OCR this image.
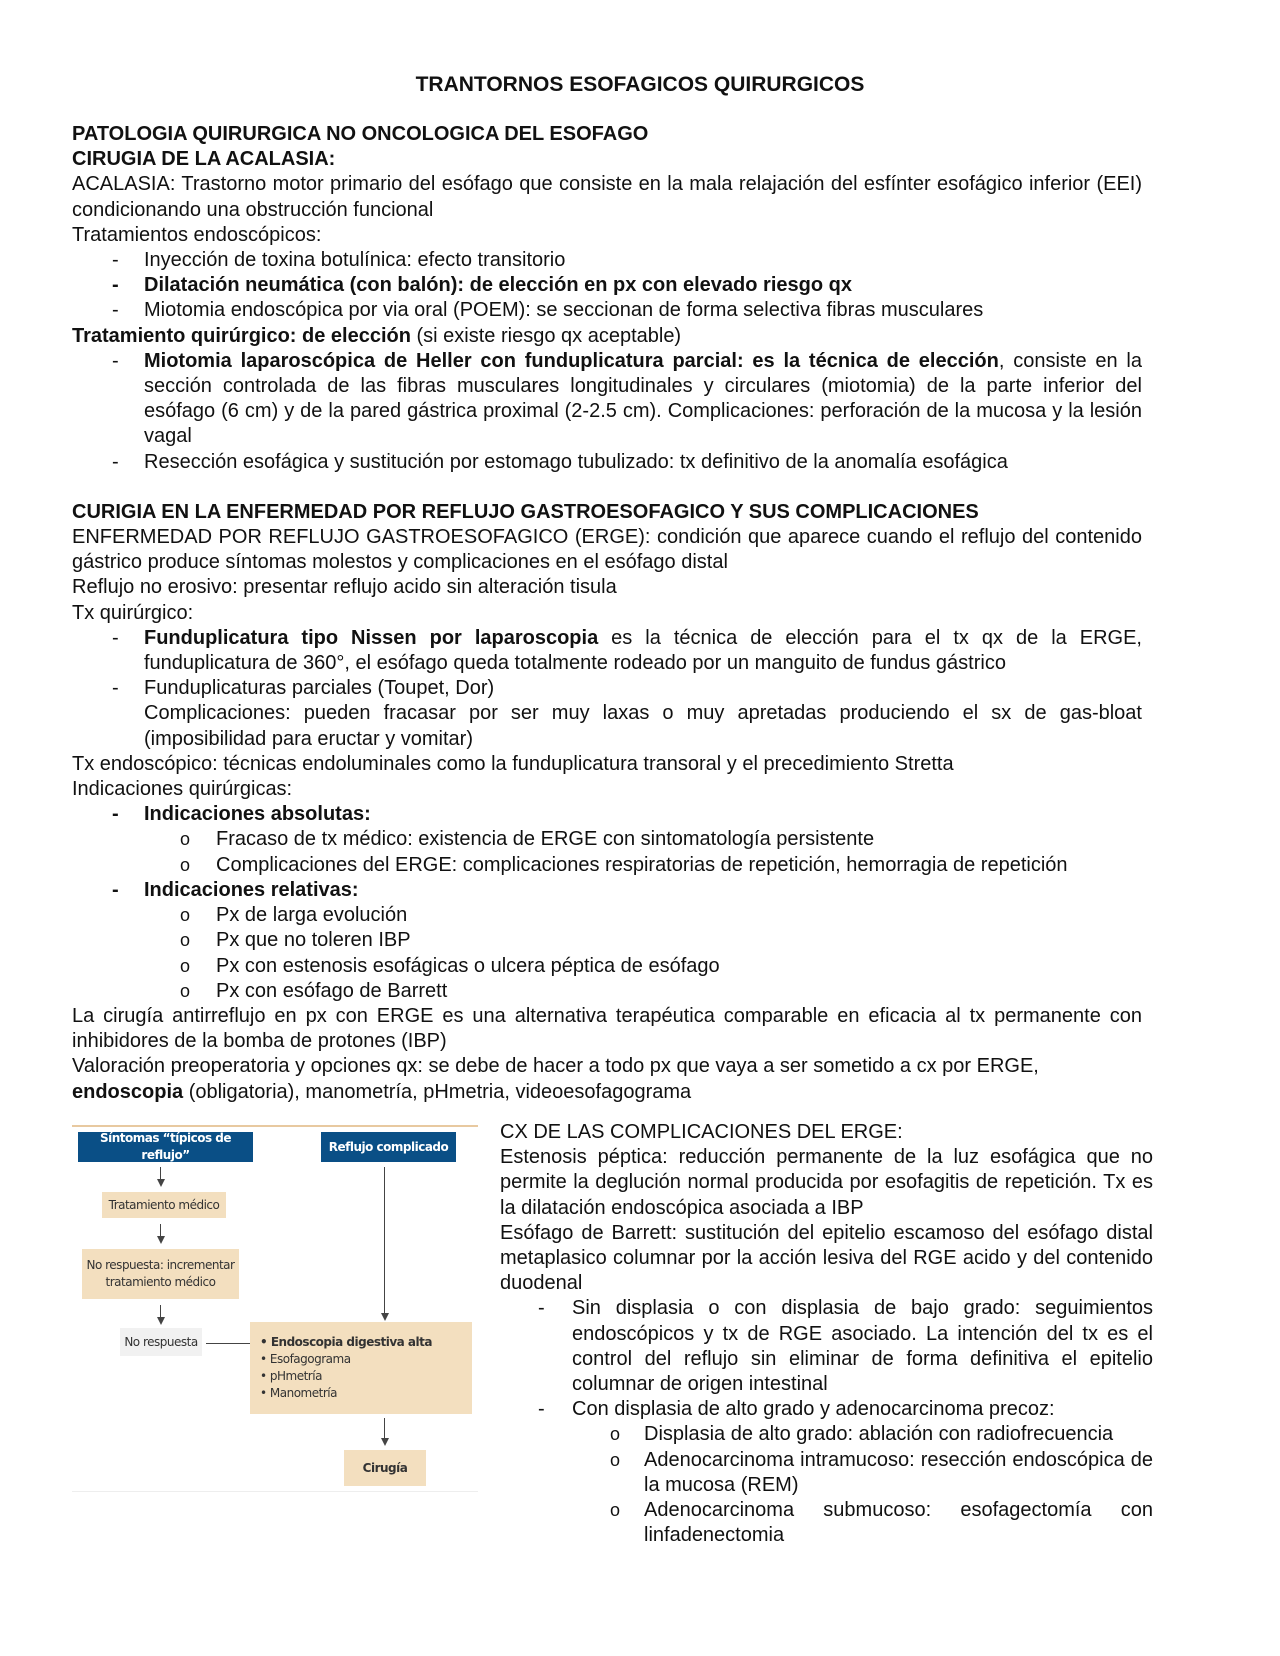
TRANTORNOS ESOFAGICOS QUIRURGICOS

PATOLOGIA QUIRURGICA NO ONCOLOGICA DEL ESOFAGO

CIRUGIA DE LA ACALASIA:

ACALASIA: Trastorno motor primario del esófago que consiste en la mala relajación del esfínter esofágico inferior (EEI) condicionando una obstrucción funcional

Tratamientos endoscópicos:

- Inyección de toxina botulínica: efecto transitorio
- Dilatación neumática (con balón): de elección en px con elevado riesgo qx
- Miotomia endoscópica por via oral (POEM): se seccionan de forma selectiva fibras musculares

Tratamiento quirúrgico: de elección (si existe riesgo qx aceptable)

- Miotomia laparoscópica de Heller con funduplicatura parcial: es la técnica de elección, consiste en la sección controlada de las fibras musculares longitudinales y circulares (miotomia) de la parte inferior del esófago (6 cm) y de la pared gástrica proximal (2-2.5 cm). Complicaciones: perforación de la mucosa y la lesión vagal
- Resección esofágica y sustitución por estomago tubulizado: tx definitivo de la anomalía esofágica

CURIGIA EN LA ENFERMEDAD POR REFLUJO GASTROESOFAGICO Y SUS COMPLICACIONES

ENFERMEDAD POR REFLUJO GASTROESOFAGICO (ERGE): condición que aparece cuando el reflujo del contenido gástrico produce síntomas molestos y complicaciones en el esófago distal

Reflujo no erosivo: presentar reflujo acido sin alteración tisula

Tx quirúrgico:

- Funduplicatura tipo Nissen por laparoscopia es la técnica de elección para el tx qx de la ERGE, funduplicatura de 360°, el esófago queda totalmente rodeado por un manguito de fundus gástrico
- Funduplicaturas parciales (Toupet, Dor)
Complicaciones: pueden fracasar por ser muy laxas o muy apretadas produciendo el sx de gas-bloat (imposibilidad para eructar y vomitar)

Tx endoscópico: técnicas endoluminales como la funduplicatura transoral y el precedimiento Stretta

Indicaciones quirúrgicas:

- Indicaciones absolutas:
o Fracaso de tx médico: existencia de ERGE con sintomatología persistente
o Complicaciones del ERGE: complicaciones respiratorias de repetición, hemorragia de repetición
- Indicaciones relativas:
o Px de larga evolución
o Px que no toleren IBP
o Px con estenosis esofágicas o ulcera péptica de esófago
o Px con esófago de Barrett

La cirugía antirreflujo en px con ERGE es una alternativa terapéutica comparable en eficacia al tx permanente con inhibidores de la bomba de protones (IBP)

Valoración preoperatoria y opciones qx: se debe de hacer a todo px que vaya a ser sometido a cx por ERGE,
endoscopia (obligatoria), manometría, pHmetria, videoesofagograma

Síntomas “típicos de reflujo”
Reflujo complicado
Tratamiento médico
No respuesta: incrementar tratamiento médico
No respuesta	• Endoscopia digestiva alta
• Esofagograma
• pHmetría
• Manometría
Cirugía

CX DE LAS COMPLICACIONES DEL ERGE:

Estenosis péptica: reducción permanente de la luz esofágica que no permite la deglución normal producida por esofagitis de repetición. Tx es la dilatación endoscópica asociada a IBP

Esófago de Barrett: sustitución del epitelio escamoso del esófago distal metaplasico columnar por la acción lesiva del RGE acido y del contenido duodenal

- Sin displasia o con displasia de bajo grado: seguimientos endoscópicos y tx de RGE asociado. La intención del tx es el control del reflujo sin eliminar de forma definitiva el epitelio columnar de origen intestinal
- Con displasia de alto grado y adenocarcinoma precoz:
o Displasia de alto grado: ablación con radiofrecuencia
o Adenocarcinoma intramucoso: resección endoscópica de la mucosa (REM)
o Adenocarcinoma submucoso: esofagectomía con linfadenectomia
